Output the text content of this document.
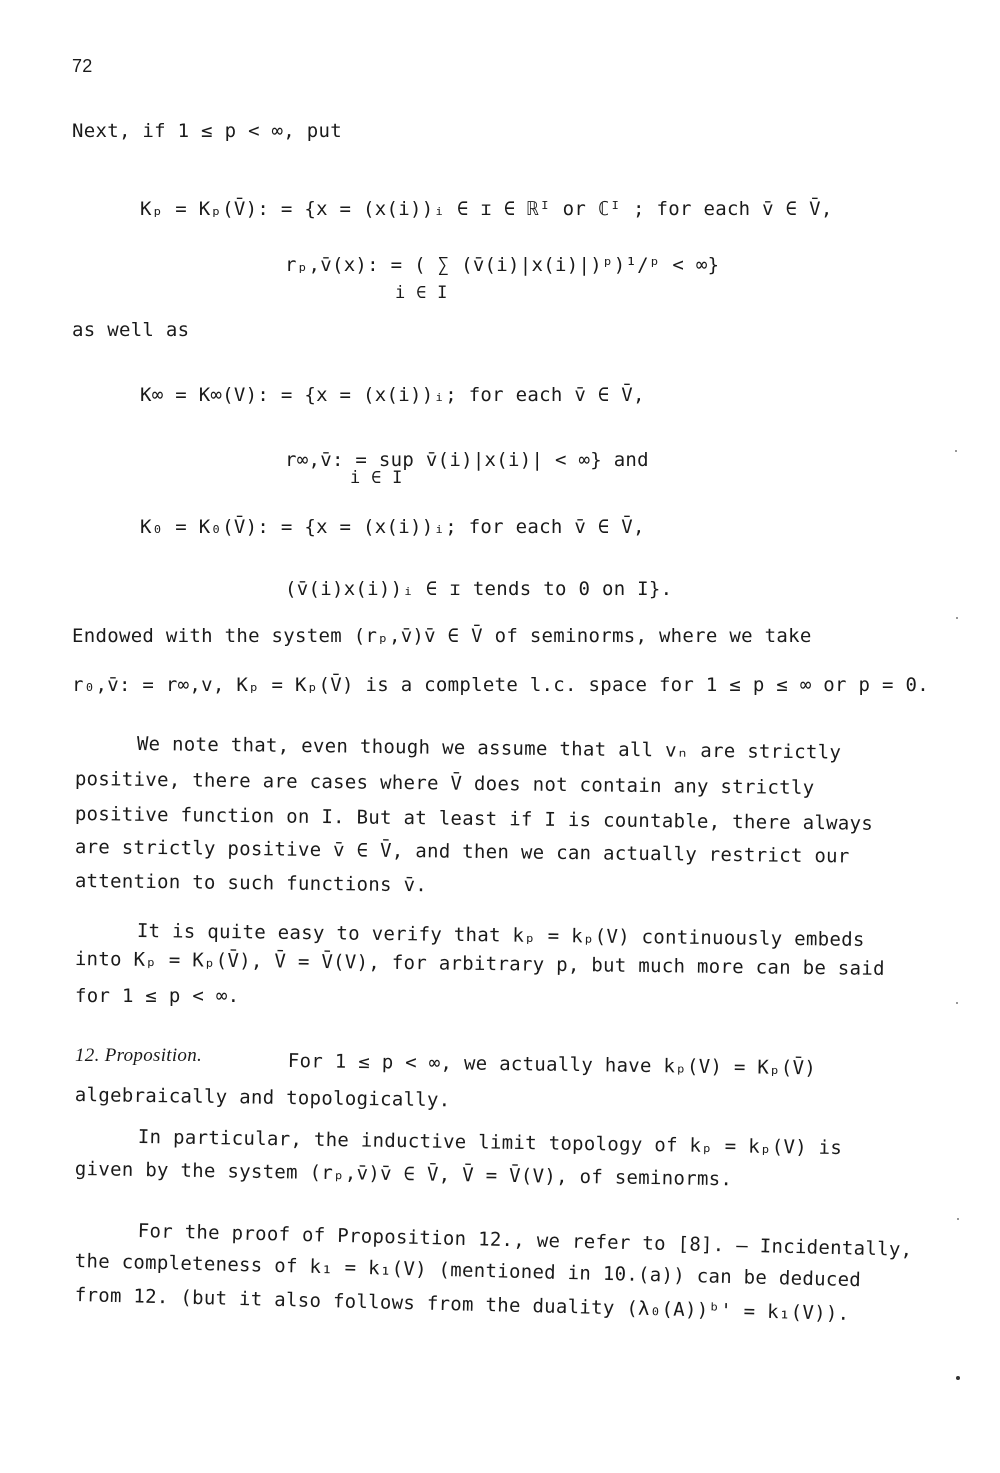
72
Next, if 1 ≤ p < ∞, put
Kₚ = Kₚ(V̄): = {x = (x(i))ᵢ ∈ ɪ ∈ ℝᴵ or ℂᴵ ; for each v̄ ∈ V̄,
rₚ,v̄(x): = ( ∑ (v̄(i)|x(i)|)ᵖ)¹/ᵖ < ∞}
i ∈ I
as well as
K∞ = K∞(V): = {x = (x(i))ᵢ; for each v̄ ∈ V̄,
r∞,v̄: = sup v̄(i)|x(i)| < ∞} and
i ∈ I
K₀ = K₀(V̄): = {x = (x(i))ᵢ; for each v̄ ∈ V̄,
(v̄(i)x(i))ᵢ ∈ ɪ tends to 0 on I}.
Endowed with the system (rₚ,v̄)v̄ ∈ V̄ of seminorms, where we take
r₀,v̄: = r∞,v, Kₚ = Kₚ(V̄) is a complete l.c. space for 1 ≤ p ≤ ∞ or p = 0.
We note that, even though we assume that all vₙ are strictly
positive, there are cases where V̄ does not contain any strictly
positive function on I. But at least if I is countable, there always
are strictly positive v̄ ∈ V̄, and then we can actually restrict our
attention to such functions v̄.
It is quite easy to verify that kₚ = kₚ(V) continuously embeds
into Kₚ = Kₚ(V̄), V̄ = V̄(V), for arbitrary p, but much more can be said
for 1 ≤ p < ∞.
12. Proposition.	For 1 ≤ p < ∞, we actually have kₚ(V) = Kₚ(V̄)
algebraically and topologically.
In particular, the inductive limit topology of kₚ = kₚ(V) is
given by the system (rₚ,v̄)v̄ ∈ V̄, V̄ = V̄(V), of seminorms.
For the proof of Proposition 12., we refer to [8]. — Incidentally,
the completeness of k₁ = k₁(V) (mentioned in 10.(a)) can be deduced
from 12. (but it also follows from the duality (λ₀(A))ᵇ' = k₁(V)).
